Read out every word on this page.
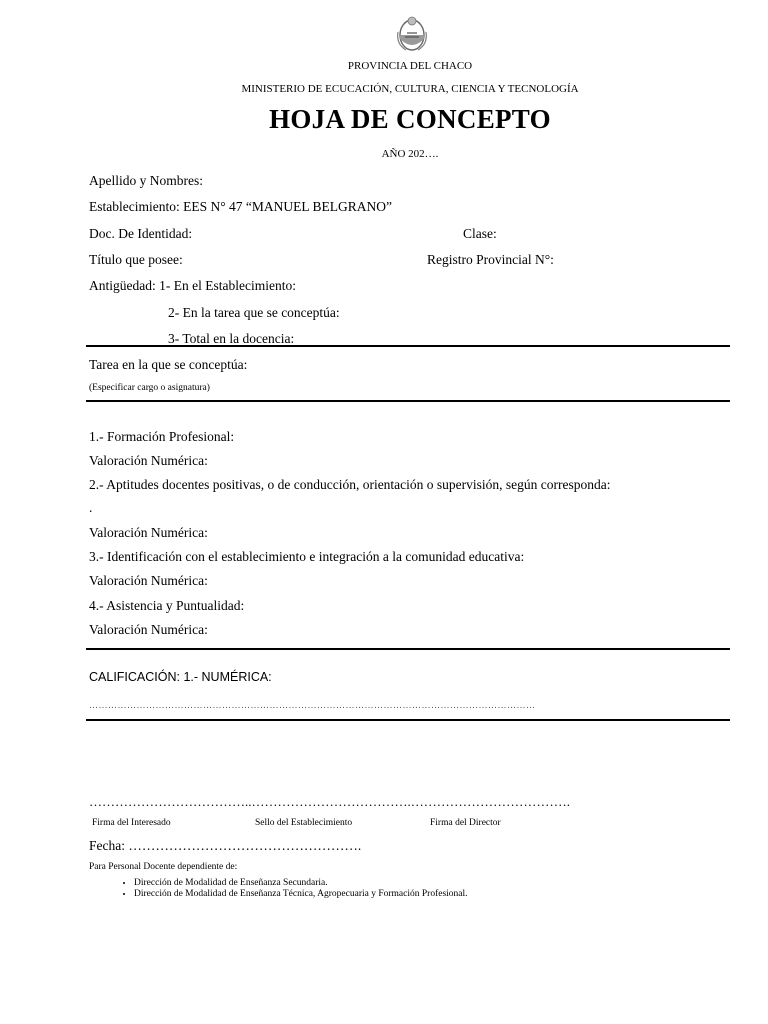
PROVINCIA DEL CHACO
MINISTERIO DE ECUCACIÓN, CULTURA, CIENCIA Y TECNOLOGÍA
HOJA DE CONCEPTO
AÑO 202….
Apellido y Nombres:
Establecimiento: EES N° 47 “MANUEL BELGRANO”
Doc. De Identidad:	Clase:
Título que posee:	Registro Provincial N°:
Antigüedad: 1- En el Establecimiento:
2- En la tarea que se conceptúa:
3- Total en la docencia:
Tarea en la que se conceptúa:
(Especificar cargo o asignatura)
1.- Formación Profesional:
Valoración Numérica:
2.- Aptitudes docentes positivas, o de conducción, orientación o supervisión, según corresponda:
.
Valoración Numérica:
3.- Identificación con el establecimiento e integración a la comunidad educativa:
Valoración Numérica:
4.- Asistencia y Puntualidad:
Valoración Numérica:
CALIFICACIÓN: 1.- NUMÉRICA:
……………………………………………………………………………………………………………………………
………………………………..……………………………….……………………………….
Firma del Interesado	Sello del Establecimiento	Firma del Director
Fecha: …………………………………………….
Para Personal Docente dependiente de:
• Dirección de Modalidad de Enseñanza Secundaria.
• Dirección de Modalidad de Enseñanza Técnica, Agropecuaria y Formación Profesional.
